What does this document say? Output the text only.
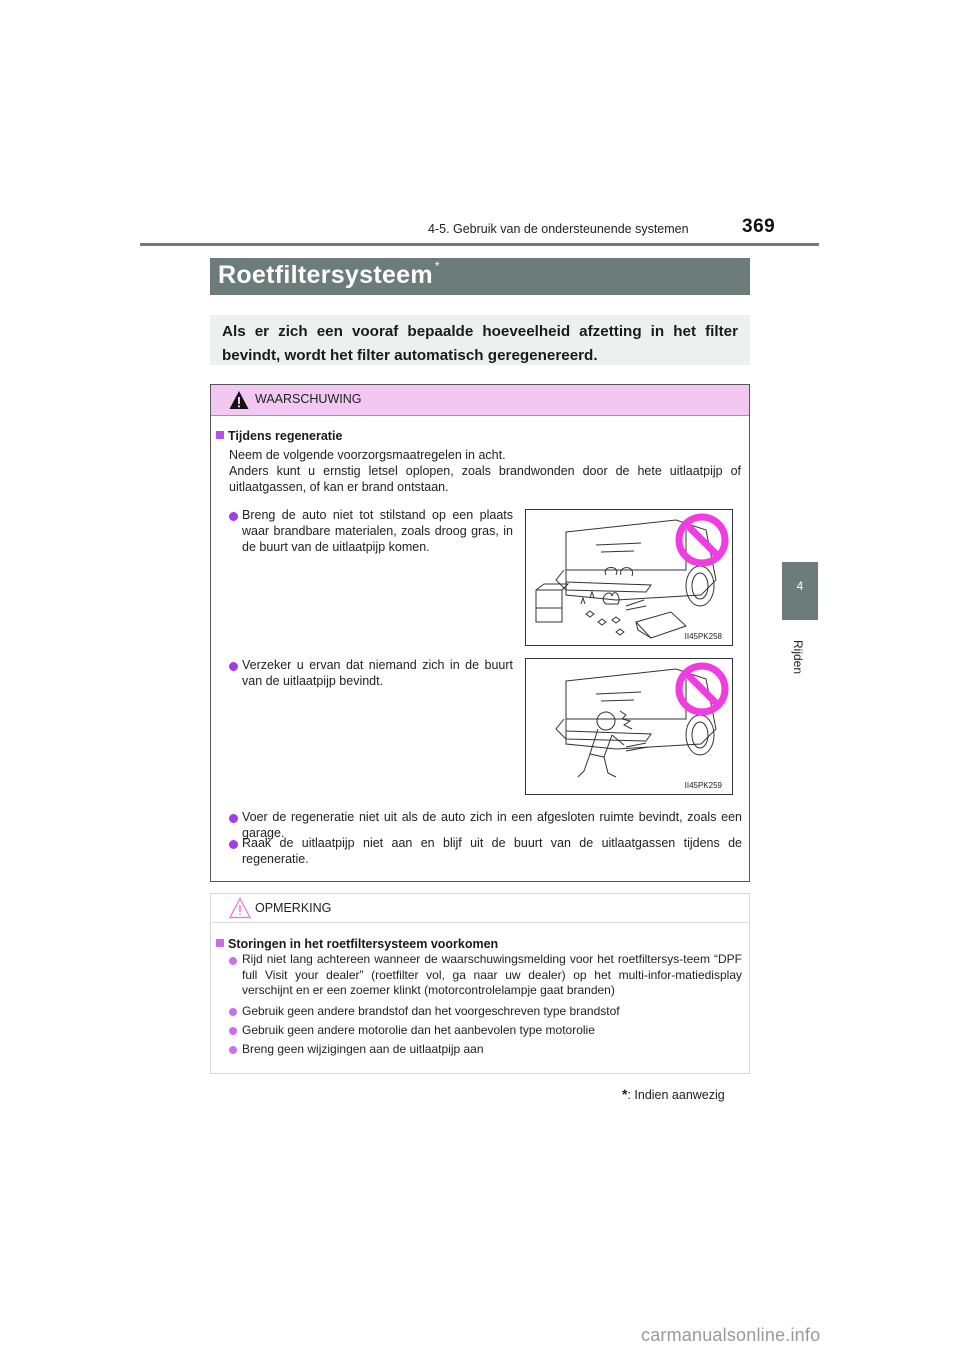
4-5. Gebruik van de ondersteunende systemen	369
4
Rijden
Roetfiltersysteem *

Als er zich een vooraf bepaalde hoeveelheid afzetting in het filter bevindt, wordt het filter automatisch geregenereerd.

WAARSCHUWING
Tijdens regeneratie
Neem de volgende voorzorgsmaatregelen in acht.
Anders kunt u ernstig letsel oplopen, zoals brandwonden door de hete uitlaatpijp of uitlaatgassen, of kan er brand ontstaan.
Breng de auto niet tot stilstand op een plaats waar brandbare materialen, zoals droog gras, in de buurt van de uitlaatpijp komen.
II45PK258
Verzeker u ervan dat niemand zich in de buurt van de uitlaatpijp bevindt.
II45PK259
Voer de regeneratie niet uit als de auto zich in een afgesloten ruimte bevindt, zoals een garage.
Raak de uitlaatpijp niet aan en blijf uit de buurt van de uitlaatgassen tijdens de regeneratie.
OPMERKING
Storingen in het roetfiltersysteem voorkomen
Rijd niet lang achtereen wanneer de waarschuwingsmelding voor het roetfiltersys-teem “DPF full Visit your dealer” (roetfilter vol, ga naar uw dealer) op het multi-infor-matiedisplay verschijnt en er een zoemer klinkt (motorcontrolelampje gaat branden)
Gebruik geen andere brandstof dan het voorgeschreven type brandstof
Gebruik geen andere motorolie dan het aanbevolen type motorolie
Breng geen wijzigingen aan de uitlaatpijp aan
*: Indien aanwezig
carmanualsonline.info
